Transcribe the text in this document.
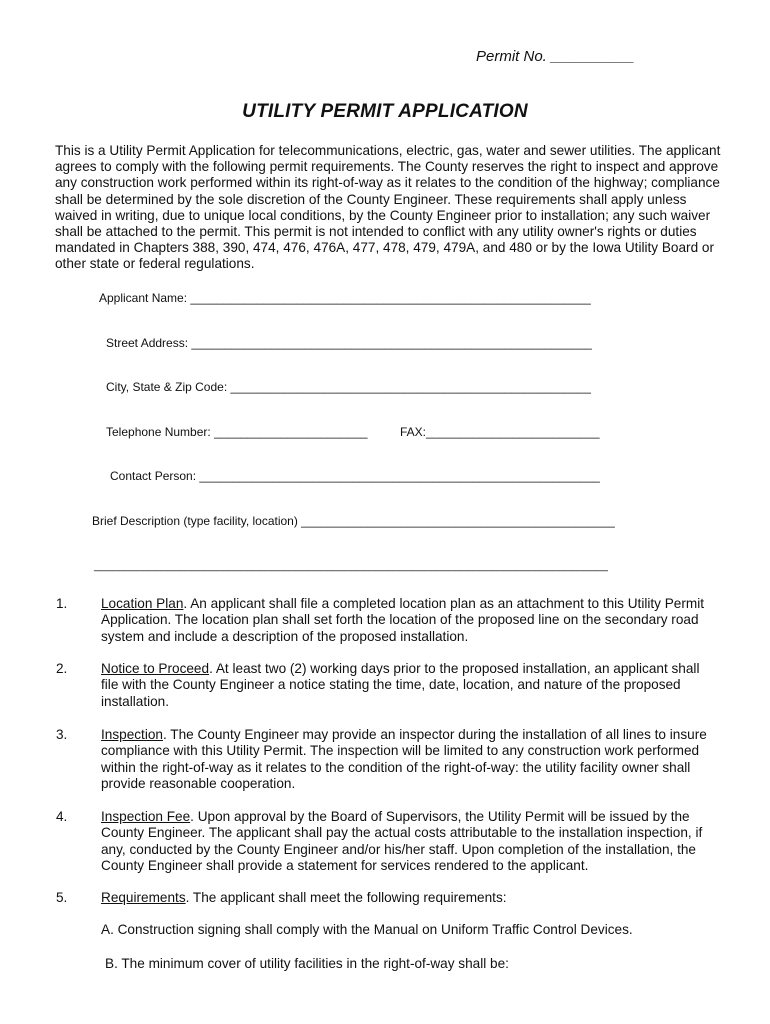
Permit No. __________
UTILITY PERMIT APPLICATION
This is a Utility Permit Application for telecommunications, electric, gas, water and sewer utilities. The applicant agrees to comply with the following permit requirements. The County reserves the right to inspect and approve any construction work performed within its right-of-way as it relates to the condition of the highway; compliance shall be determined by the sole discretion of the County Engineer. These requirements shall apply unless waived in writing, due to unique local conditions, by the County Engineer prior to installation; any such waiver shall be attached to the permit. This permit is not intended to conflict with any utility owner's rights or duties mandated in Chapters 388, 390, 474, 476, 476A, 477, 478, 479, 479A, and 480 or by the Iowa Utility Board or other state or federal regulations.
Applicant Name: ____________________________________________________________
Street Address: ____________________________________________________________
City, State & Zip Code: ______________________________________________________
Telephone Number: _______________________	FAX:__________________________
Contact Person: ____________________________________________________________
Brief Description (type facility, location) _______________________________________________
____________________________________________________________________________________
1. Location Plan. An applicant shall file a completed location plan as an attachment to this Utility Permit Application. The location plan shall set forth the location of the proposed line on the secondary road system and include a description of the proposed installation.
2. Notice to Proceed. At least two (2) working days prior to the proposed installation, an applicant shall file with the County Engineer a notice stating the time, date, location, and nature of the proposed installation.
3. Inspection. The County Engineer may provide an inspector during the installation of all lines to insure compliance with this Utility Permit. The inspection will be limited to any construction work performed within the right-of-way as it relates to the condition of the right-of-way: the utility facility owner shall provide reasonable cooperation.
4. Inspection Fee. Upon approval by the Board of Supervisors, the Utility Permit will be issued by the County Engineer. The applicant shall pay the actual costs attributable to the installation inspection, if any, conducted by the County Engineer and/or his/her staff. Upon completion of the installation, the County Engineer shall provide a statement for services rendered to the applicant.
5. Requirements. The applicant shall meet the following requirements:
A. Construction signing shall comply with the Manual on Uniform Traffic Control Devices.
B. The minimum cover of utility facilities in the right-of-way shall be:
